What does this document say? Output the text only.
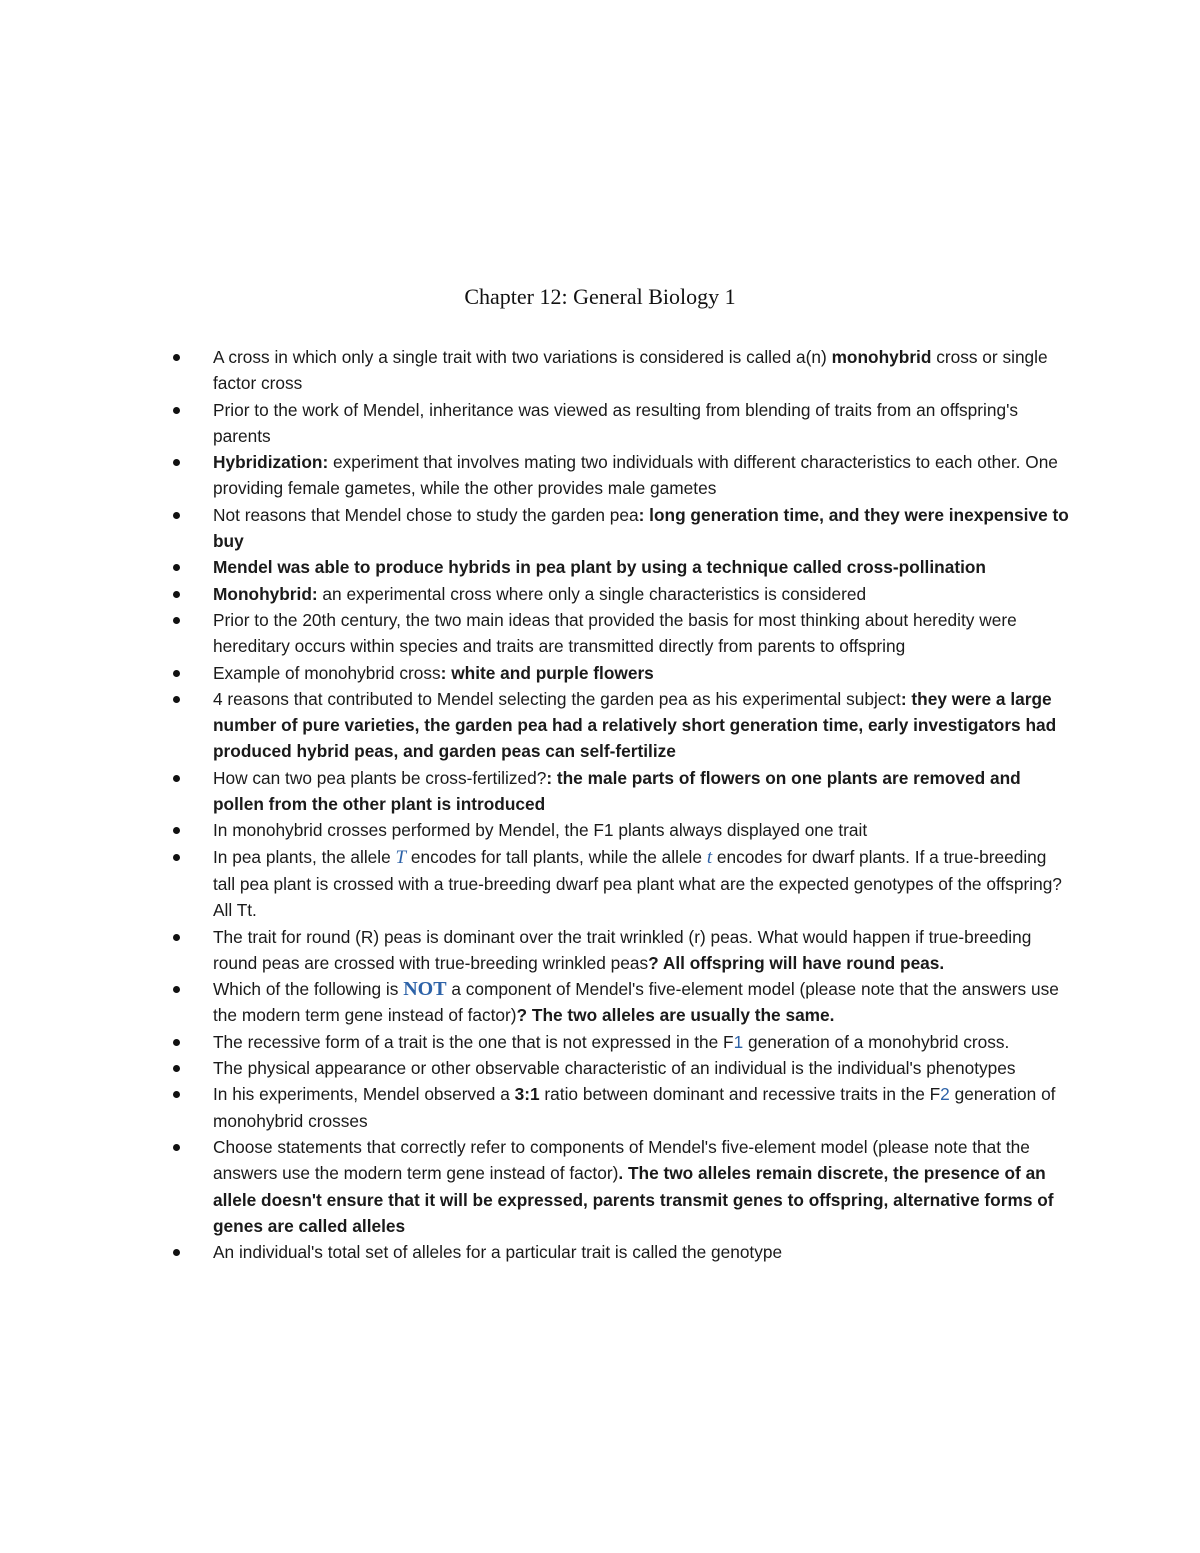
Chapter 12: General Biology 1
A cross in which only a single trait with two variations is considered is called a(n) monohybrid cross or single factor cross
Prior to the work of Mendel, inheritance was viewed as resulting from blending of traits from an offspring's parents
Hybridization: experiment that involves mating two individuals with different characteristics to each other. One providing female gametes, while the other provides male gametes
Not reasons that Mendel chose to study the garden pea: long generation time, and they were inexpensive to buy
Mendel was able to produce hybrids in pea plant by using a technique called cross-pollination
Monohybrid: an experimental cross where only a single characteristics is considered
Prior to the 20th century, the two main ideas that provided the basis for most thinking about heredity were hereditary occurs within species and traits are transmitted directly from parents to offspring
Example of monohybrid cross: white and purple flowers
4 reasons that contributed to Mendel selecting the garden pea as his experimental subject: they were a large number of pure varieties, the garden pea had a relatively short generation time, early investigators had produced hybrid peas, and garden peas can self-fertilize
How can two pea plants be cross-fertilized?: the male parts of flowers on one plants are removed and pollen from the other plant is introduced
In monohybrid crosses performed by Mendel, the F1 plants always displayed one trait
In pea plants, the allele T encodes for tall plants, while the allele t encodes for dwarf plants. If a true-breeding tall pea plant is crossed with a true-breeding dwarf pea plant what are the expected genotypes of the offspring? All Tt.
The trait for round (R) peas is dominant over the trait wrinkled (r) peas. What would happen if true-breeding round peas are crossed with true-breeding wrinkled peas? All offspring will have round peas.
Which of the following is NOT a component of Mendel's five-element model (please note that the answers use the modern term gene instead of factor)? The two alleles are usually the same.
The recessive form of a trait is the one that is not expressed in the F1 generation of a monohybrid cross.
The physical appearance or other observable characteristic of an individual is the individual's phenotypes
In his experiments, Mendel observed a 3:1 ratio between dominant and recessive traits in the F2 generation of monohybrid crosses
Choose statements that correctly refer to components of Mendel's five-element model (please note that the answers use the modern term gene instead of factor). The two alleles remain discrete, the presence of an allele doesn't ensure that it will be expressed, parents transmit genes to offspring, alternative forms of genes are called alleles
An individual's total set of alleles for a particular trait is called the genotype
